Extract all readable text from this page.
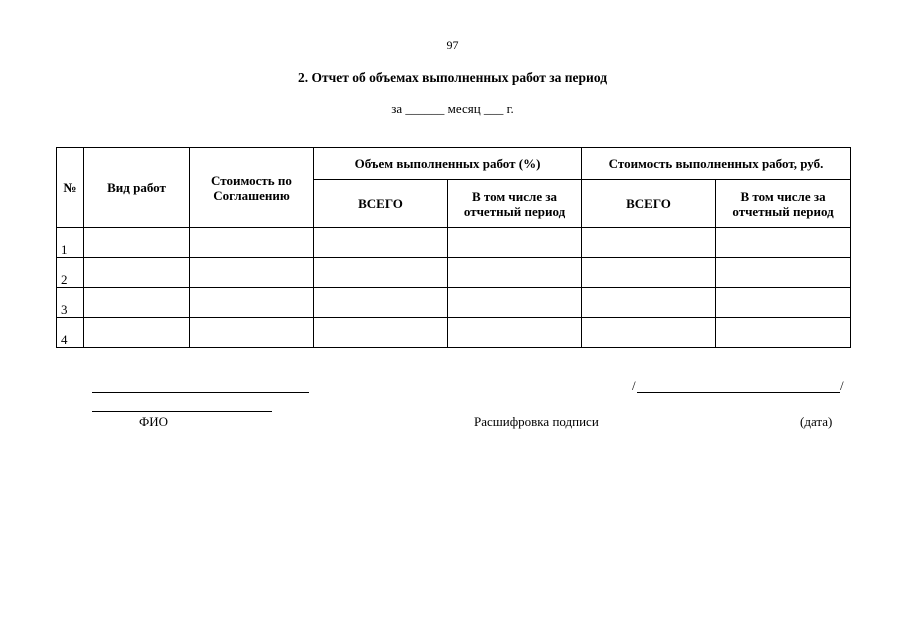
97
2. Отчет об объемах выполненных работ за период
за ______ месяц ___ г.
№	Вид работ	Стоимость по Соглашению	Объем выполненных работ (%)		Стоимость выполненных работ, руб.	
			ВСЕГО	В том числе за отчетный период	ВСЕГО	В том числе за отчетный период
1						
2						
3						
4						
ФИО
/	/
Расшифровка подписи	(дата)
